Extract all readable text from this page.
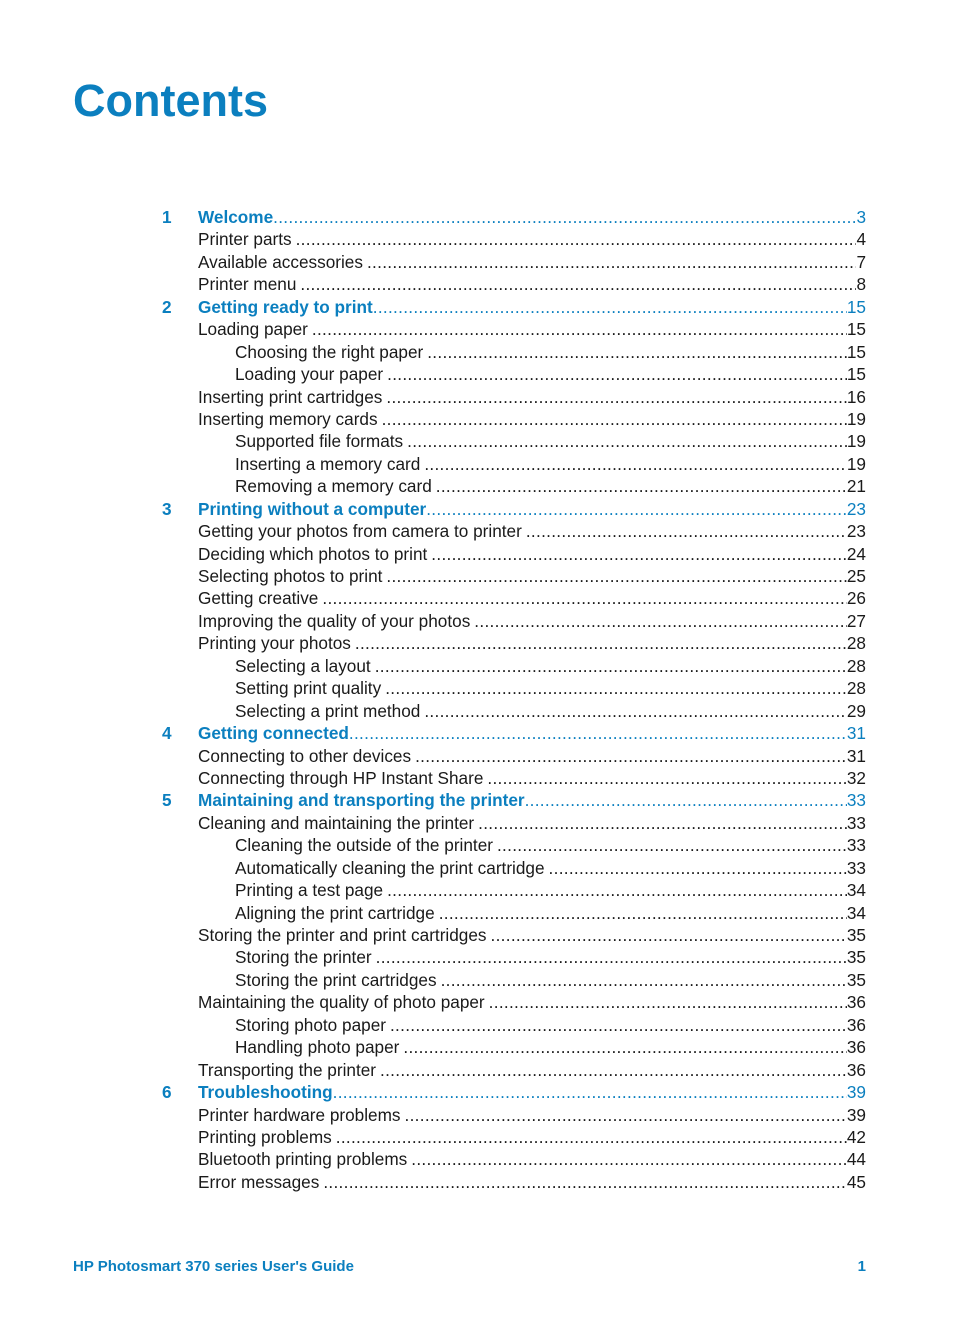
Contents
1 Welcome .....	3
Printer parts .....	4
Available accessories .....	7
Printer menu .....	8
2 Getting ready to print .....	15
Loading paper .....	15
Choosing the right paper .....	15
Loading your paper .....	15
Inserting print cartridges .....	16
Inserting memory cards .....	19
Supported file formats .....	19
Inserting a memory card .....	19
Removing a memory card .....	21
3 Printing without a computer .....	23
Getting your photos from camera to printer .....	23
Deciding which photos to print .....	24
Selecting photos to print .....	25
Getting creative .....	26
Improving the quality of your photos .....	27
Printing your photos .....	28
Selecting a layout .....	28
Setting print quality .....	28
Selecting a print method .....	29
4 Getting connected .....	31
Connecting to other devices .....	31
Connecting through HP Instant Share .....	32
5 Maintaining and transporting the printer .....	33
Cleaning and maintaining the printer .....	33
Cleaning the outside of the printer .....	33
Automatically cleaning the print cartridge .....	33
Printing a test page .....	34
Aligning the print cartridge .....	34
Storing the printer and print cartridges .....	35
Storing the printer .....	35
Storing the print cartridges .....	35
Maintaining the quality of photo paper .....	36
Storing photo paper .....	36
Handling photo paper .....	36
Transporting the printer .....	36
6 Troubleshooting .....	39
Printer hardware problems .....	39
Printing problems .....	42
Bluetooth printing problems .....	44
Error messages .....	45
HP Photosmart 370 series User's Guide	1
